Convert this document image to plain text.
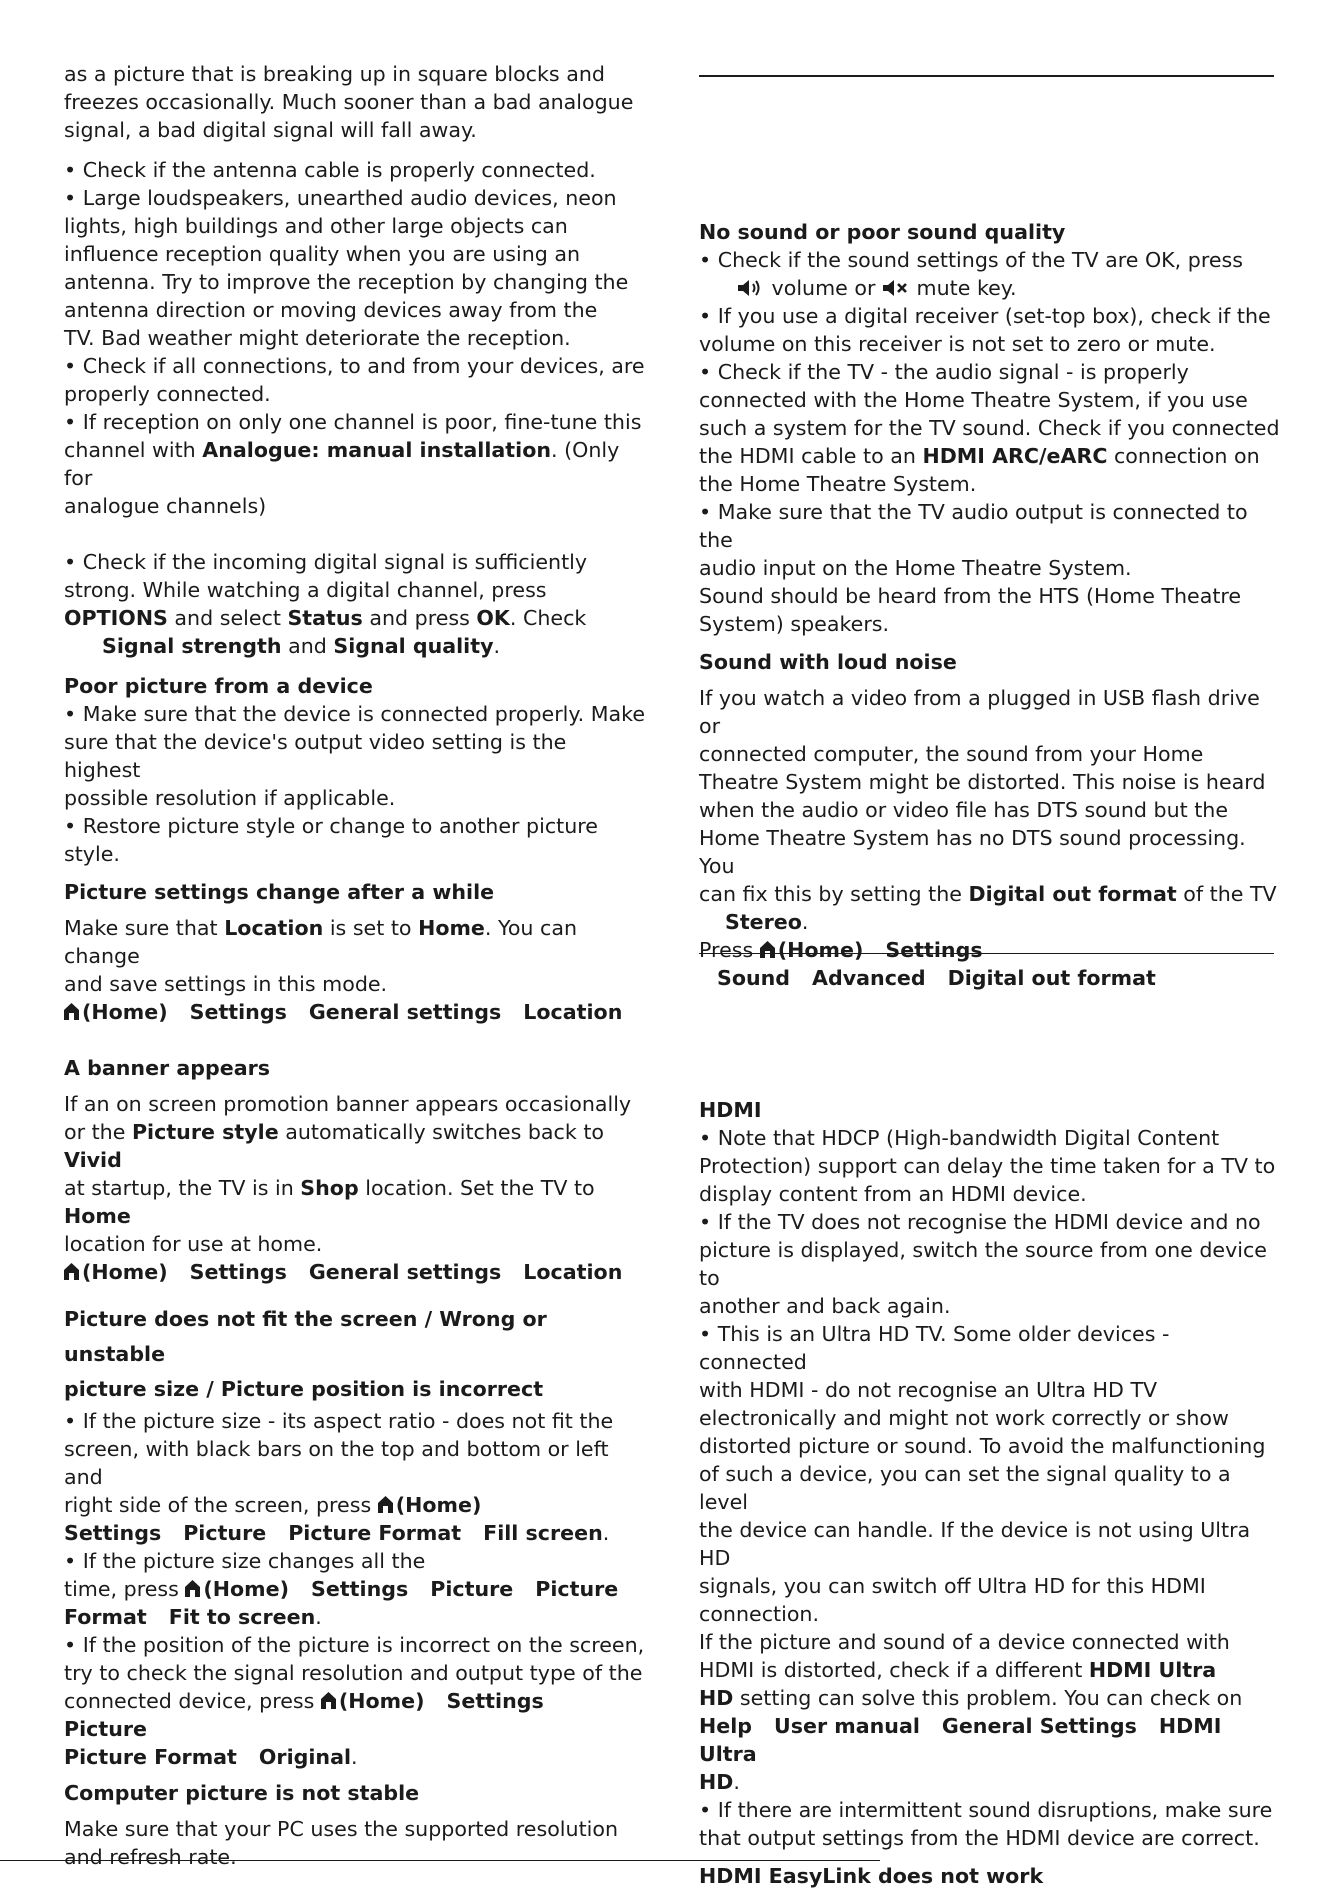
as a picture that is breaking up in square blocks and

freezes occasionally. Much sooner than a bad analogue

signal, a bad digital signal will fall away.

• Check if the antenna cable is properly connected.

• Large loudspeakers, unearthed audio devices, neon

lights, high buildings and other large objects can

influence reception quality when you are using an

antenna. Try to improve the reception by changing the

antenna direction or moving devices away from the

TV. Bad weather might deteriorate the reception.

• Check if all connections, to and from your devices, are

properly connected.

• If reception on only one channel is poor, fine-tune this

channel with Analogue: manual installation. (Only for

analogue channels)

• Check if the incoming digital signal is sufficiently

strong. While watching a digital channel, press

OPTIONS and select Status and press OK. Check

Signal strength and Signal quality.

Poor picture from a device

• Make sure that the device is connected properly. Make

sure that the device's output video setting is the highest

possible resolution if applicable.

• Restore picture style or change to another picture style.

Picture settings change after a while

Make sure that Location is set to Home. You can change

and save settings in this mode.

(Home) Settings General settings Location

A banner appears

If an on screen promotion banner appears occasionally

or the Picture style automatically switches back to Vivid

at startup, the TV is in Shop location. Set the TV to Home

location for use at home.

(Home) Settings General settings Location

Picture does not fit the screen / Wrong or unstable

picture size / Picture position is incorrect

• If the picture size - its aspect ratio - does not fit the

screen, with black bars on the top and bottom or left and

right side of the screen, press (Home)

Settings Picture Picture Format Fill screen.

• If the picture size changes all the

time, press (Home) Settings Picture Picture

Format Fit to screen.

• If the position of the picture is incorrect on the screen,

try to check the signal resolution and output type of the

connected device, press (Home) SettingsPicture

Picture Format Original.

Computer picture is not stable

Make sure that your PC uses the supported resolution

and refresh rate.

No sound or poor sound quality

• Check if the sound settings of the TV are OK, press

volume or  mute key.

• If you use a digital receiver (set-top box), check if the

volume on this receiver is not set to zero or mute.

• Check if the TV - the audio signal - is properly

connected with the Home Theatre System, if you use

such a system for the TV sound. Check if you connected

the HDMI cable to an HDMI ARC/eARC connection on

the Home Theatre System.

• Make sure that the TV audio output is connected to the

audio input on the Home Theatre System.

Sound should be heard from the HTS (Home Theatre

System) speakers.

Sound with loud noise

If you watch a video from a plugged in USB flash drive or

connected computer, the sound from your Home

Theatre System might be distorted. This noise is heard

when the audio or video file has DTS sound but the

Home Theatre System has no DTS sound processing. You

can fix this by setting the Digital out format of the TV

Stereo.

Press (Home) Settings

Sound Advanced Digital out format

HDMI

• Note that HDCP (High-bandwidth Digital Content

Protection) support can delay the time taken for a TV to

display content from an HDMI device.

• If the TV does not recognise the HDMI device and no

picture is displayed, switch the source from one device to

another and back again.

• This is an Ultra HD TV. Some older devices - connected

with HDMI - do not recognise an Ultra HD TV

electronically and might not work correctly or show

distorted picture or sound. To avoid the malfunctioning

of such a device, you can set the signal quality to a level

the device can handle. If the device is not using Ultra HD

signals, you can switch off Ultra HD for this HDMI

connection.

If the picture and sound of a device connected with

HDMI is distorted, check if a different HDMI Ultra

HD setting can solve this problem. You can check on

Help User manual General Settings HDMI Ultra

HD.

• If there are intermittent sound disruptions, make sure

that output settings from the HDMI device are correct.

HDMI EasyLink does not work
